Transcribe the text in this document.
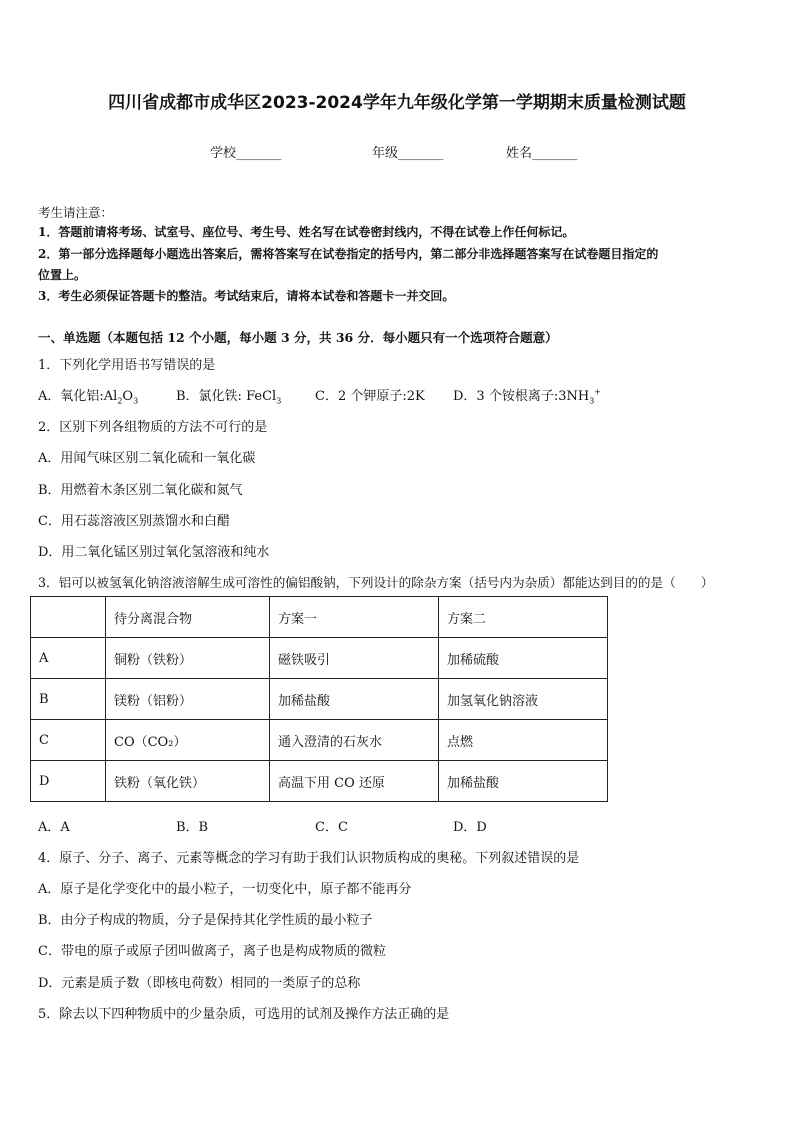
四川省成都市成华区2023-2024学年九年级化学第一学期期末质量检测试题
学校_______	年级_______	姓名_______
考生请注意：
1．答题前请将考场、试室号、座位号、考生号、姓名写在试卷密封线内，不得在试卷上作任何标记。
2．第一部分选择题每小题选出答案后，需将答案写在试卷指定的括号内，第二部分非选择题答案写在试卷题目指定的
位置上。
3．考生必须保证答题卡的整洁。考试结束后，请将本试卷和答题卡一并交回。
一、单选题（本题包括 12 个小题，每小题 3 分，共 36 分．每小题只有一个选项符合题意）
1．下列化学用语书写错误的是
A．氧化铝$:Al_2O_3$	B．氯化铁: FeCl$_3$	C．2 个钾原子:2K D．3 个铵根离子$:3NH_3^+$
2．区别下列各组物质的方法不可行的是
A．用闻气味区别二氧化硫和一氧化碳
B．用燃着木条区别二氧化碳和氮气
C．用石蕊溶液区别蒸馏水和白醋
D．用二氧化锰区别过氧化氢溶液和纯水
3．铝可以被氢氧化钠溶液溶解生成可溶性的偏铝酸钠，下列设计的除杂方案（括号内为杂质）都能达到目的的是（　　）
	待分离混合物	方案一	方案二
A	铜粉（铁粉）	磁铁吸引	加稀硫酸
B	镁粉（铝粉）	加稀盐酸	加氢氧化钠溶液
C	CO（CO₂）	通入澄清的石灰水	点燃
D	铁粉（氧化铁）	高温下用 CO 还原	加稀盐酸
A．A	B．B	C．C	D．D
4．原子、分子、离子、元素等概念的学习有助于我们认识物质构成的奥秘。下列叙述错误的是
A．原子是化学变化中的最小粒子，一切变化中，原子都不能再分
B．由分子构成的物质，分子是保持其化学性质的最小粒子
C．带电的原子或原子团叫做离子，离子也是构成物质的微粒
D．元素是质子数（即核电荷数）相同的一类原子的总称
5．除去以下四种物质中的少量杂质，可选用的试剂及操作方法正确的是
